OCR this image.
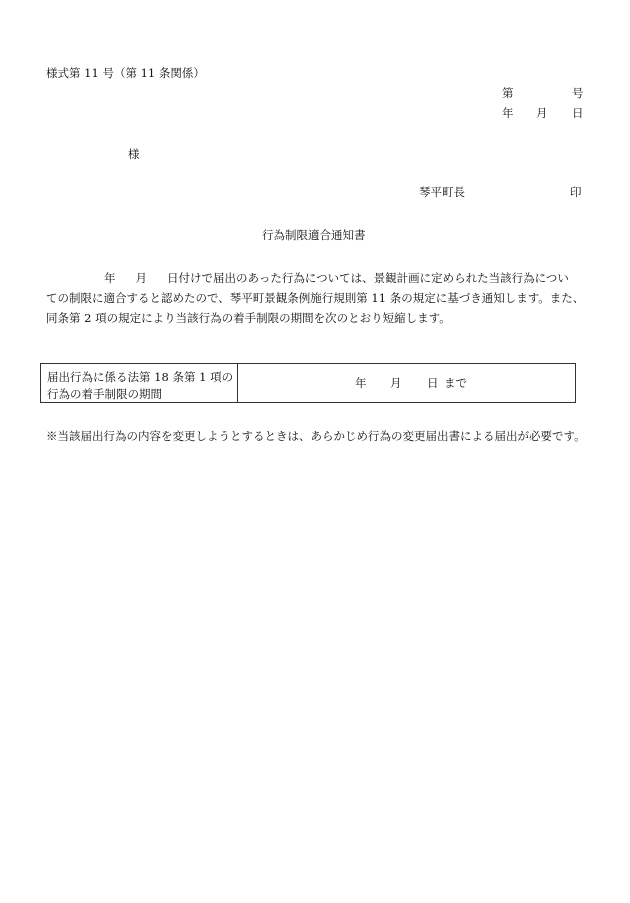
様式第 11 号（第 11 条関係）
第	号
年 月 日
様
琴平町長	印
行為制限適合通知書
年 月 日付けで届出のあった行為については、景観計画に定められた当該行為につい
ての制限に適合すると認めたので、琴平町景観条例施行規則第 11 条の規定に基づき通知します。また、
同条第 2 項の規定により当該行為の着手制限の期間を次のとおり短縮します。
届出行為に係る法第 18 条第 1 項の
行為の着手制限の期間
年 月 日 まで
※当該届出行為の内容を変更しようとするときは、あらかじめ行為の変更届出書による届出が必要です。
